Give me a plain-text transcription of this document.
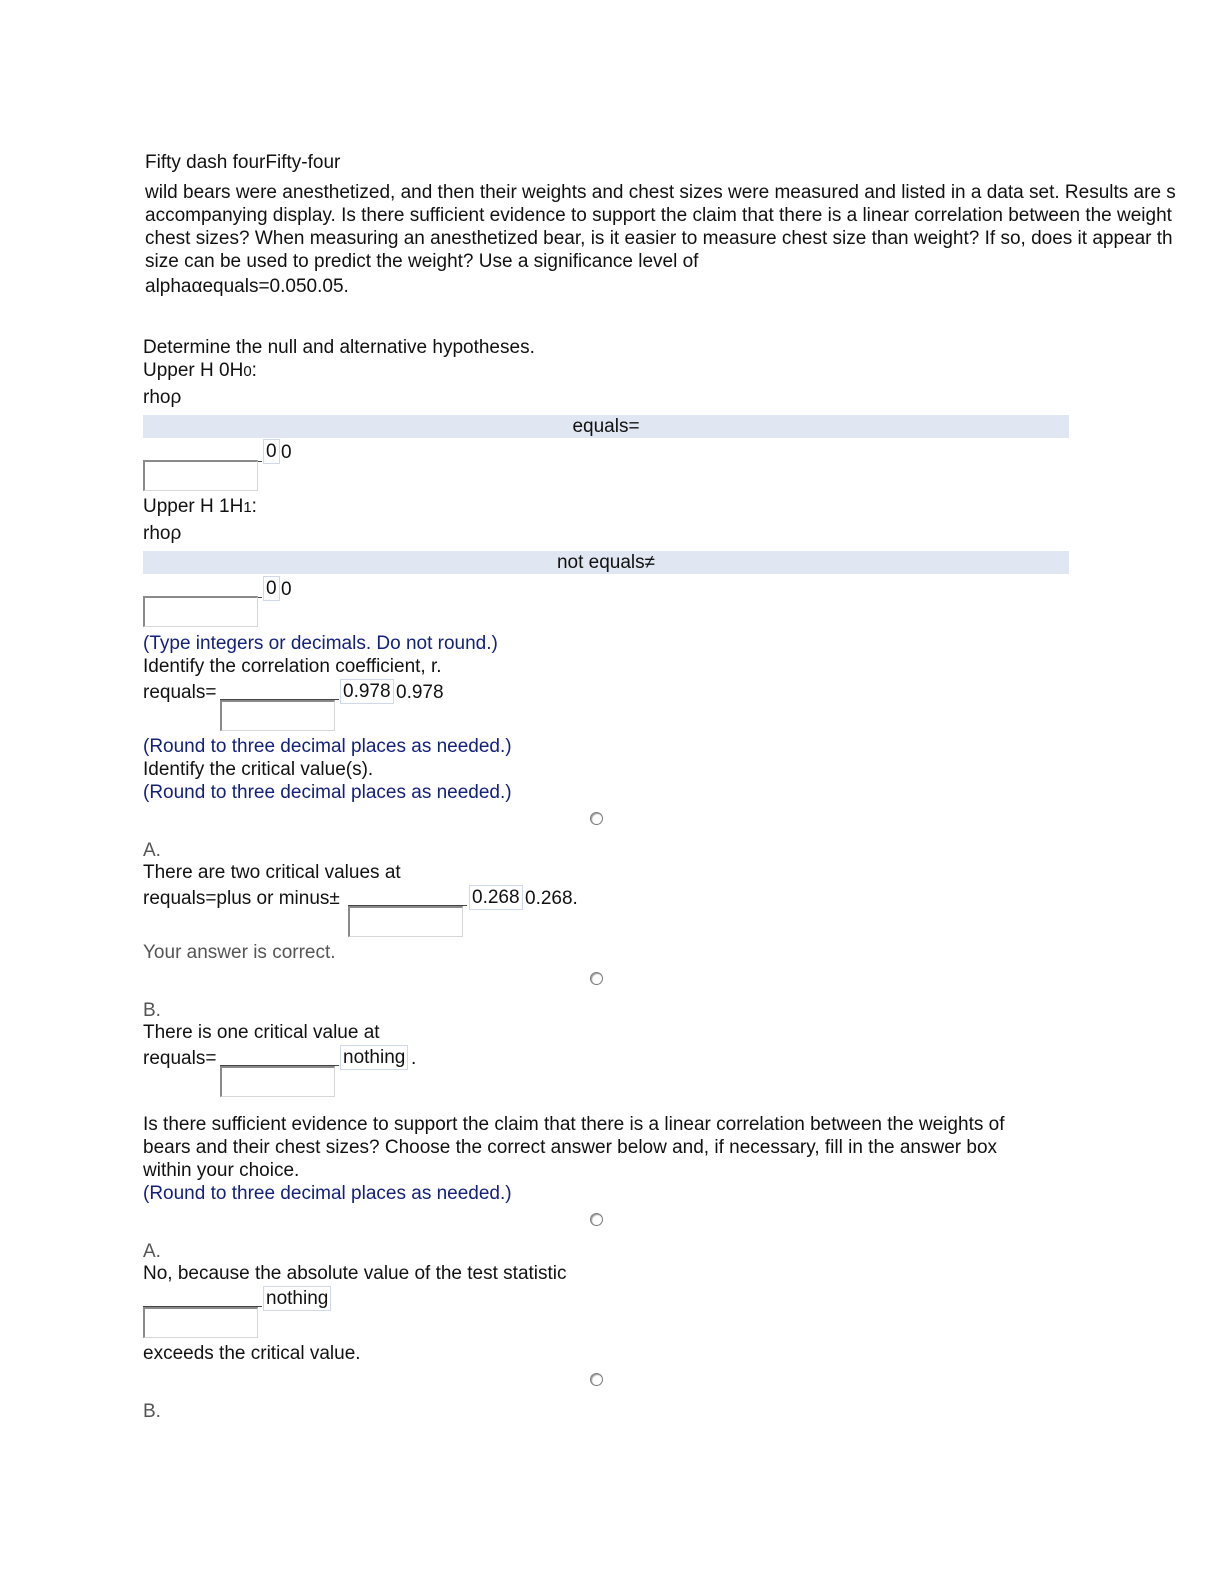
Fifty dash fourFifty-four
wild bears were anesthetized, and then their weights and chest sizes were measured and listed in a data set. Results are s
accompanying display. Is there sufficient evidence to support the claim that there is a linear correlation between the weight
chest sizes? When measuring an anesthetized bear, is it easier to measure chest size than weight? If so, does it appear th
size can be used to predict the weight? Use a significance level of
alphaαequals=0.050.05.
Determine the null and alternative hypotheses.
Upper H 0H0:
rhoρ
equals=
0 0
Upper H 1H1:
rhoρ
not equals≠
0 0
(Type integers or decimals. Do not round.)
Identify the correlation coefficient, r.
requals=	0.978 0.978
(Round to three decimal places as needed.)
Identify the critical value(s).
(Round to three decimal places as needed.)
A.
There are two critical values at
requals=plus or minus±	0.268 0.268.
Your answer is correct.
B.
There is one critical value at
requals=	nothing .
Is there sufficient evidence to support the claim that there is a linear correlation between the weights of
bears and their chest sizes? Choose the correct answer below and, if necessary, fill in the answer box
within your choice.
(Round to three decimal places as needed.)
A.
No, because the absolute value of the test statistic
nothing
exceeds the critical value.
B.
